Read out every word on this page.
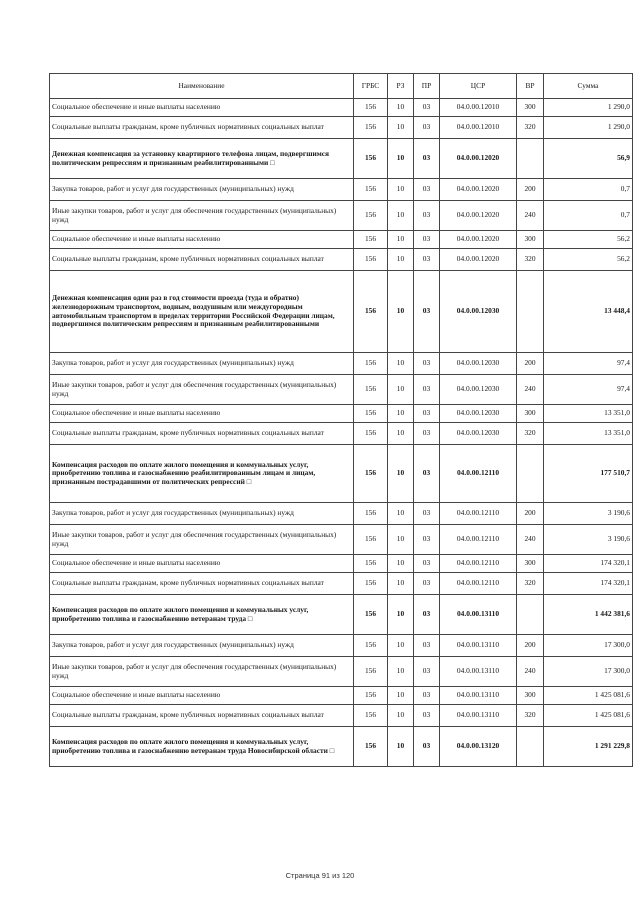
Наименование	ГРБС	РЗ	ПР	ЦСР	ВР	Сумма
Социальное обеспечение и иные выплаты населению	156	10	03	04.0.00.12010	300	1 290,0
Социальные выплаты гражданам, кроме публичных нормативных социальных выплат	156	10	03	04.0.00.12010	320	1 290,0
Денежная компенсация за установку квартирного телефона лицам, подвергшимся политическим репрессиям и признанным реабилитированными □	156	10	03	04.0.00.12020		56,9
Закупка товаров, работ и услуг для государственных (муниципальных) нужд	156	10	03	04.0.00.12020	200	0,7
Иные закупки товаров, работ и услуг для обеспечения государственных (муниципальных) нужд	156	10	03	04.0.00.12020	240	0,7
Социальное обеспечение и иные выплаты населению	156	10	03	04.0.00.12020	300	56,2
Социальные выплаты гражданам, кроме публичных нормативных социальных выплат	156	10	03	04.0.00.12020	320	56,2
Денежная компенсация один раз в год стоимости проезда (туда и обратно) железнодорожным транспортом, водным, воздушным или междугородным автомобильным транспортом в пределах территории Российской Федерации лицам, подвергшимся политическим репрессиям и признанным реабилитированными	156	10	03	04.0.00.12030		13 448,4
Закупка товаров, работ и услуг для государственных (муниципальных) нужд	156	10	03	04.0.00.12030	200	97,4
Иные закупки товаров, работ и услуг для обеспечения государственных (муниципальных) нужд	156	10	03	04.0.00.12030	240	97,4
Социальное обеспечение и иные выплаты населению	156	10	03	04.0.00.12030	300	13 351,0
Социальные выплаты гражданам, кроме публичных нормативных социальных выплат	156	10	03	04.0.00.12030	320	13 351,0
Компенсация расходов по оплате жилого помещения и коммунальных услуг, приобретению топлива и газоснабжению реабилитированным лицам и лицам, признанным пострадавшими от политических репрессий □	156	10	03	04.0.00.12110		177 510,7
Закупка товаров, работ и услуг для государственных (муниципальных) нужд	156	10	03	04.0.00.12110	200	3 190,6
Иные закупки товаров, работ и услуг для обеспечения государственных (муниципальных) нужд	156	10	03	04.0.00.12110	240	3 190,6
Социальное обеспечение и иные выплаты населению	156	10	03	04.0.00.12110	300	174 320,1
Социальные выплаты гражданам, кроме публичных нормативных социальных выплат	156	10	03	04.0.00.12110	320	174 320,1
Компенсация расходов по оплате жилого помещения и коммунальных услуг, приобретению топлива и газоснабжению ветеранам труда □	156	10	03	04.0.00.13110		1 442 381,6
Закупка товаров, работ и услуг для государственных (муниципальных) нужд	156	10	03	04.0.00.13110	200	17 300,0
Иные закупки товаров, работ и услуг для обеспечения государственных (муниципальных) нужд	156	10	03	04.0.00.13110	240	17 300,0
Социальное обеспечение и иные выплаты населению	156	10	03	04.0.00.13110	300	1 425 081,6
Социальные выплаты гражданам, кроме публичных нормативных социальных выплат	156	10	03	04.0.00.13110	320	1 425 081,6
Компенсация расходов по оплате жилого помещения и коммунальных услуг, приобретению топлива и газоснабжению ветеранам труда Новосибирской области □	156	10	03	04.0.00.13120		1 291 229,8
Страница 91 из 120
